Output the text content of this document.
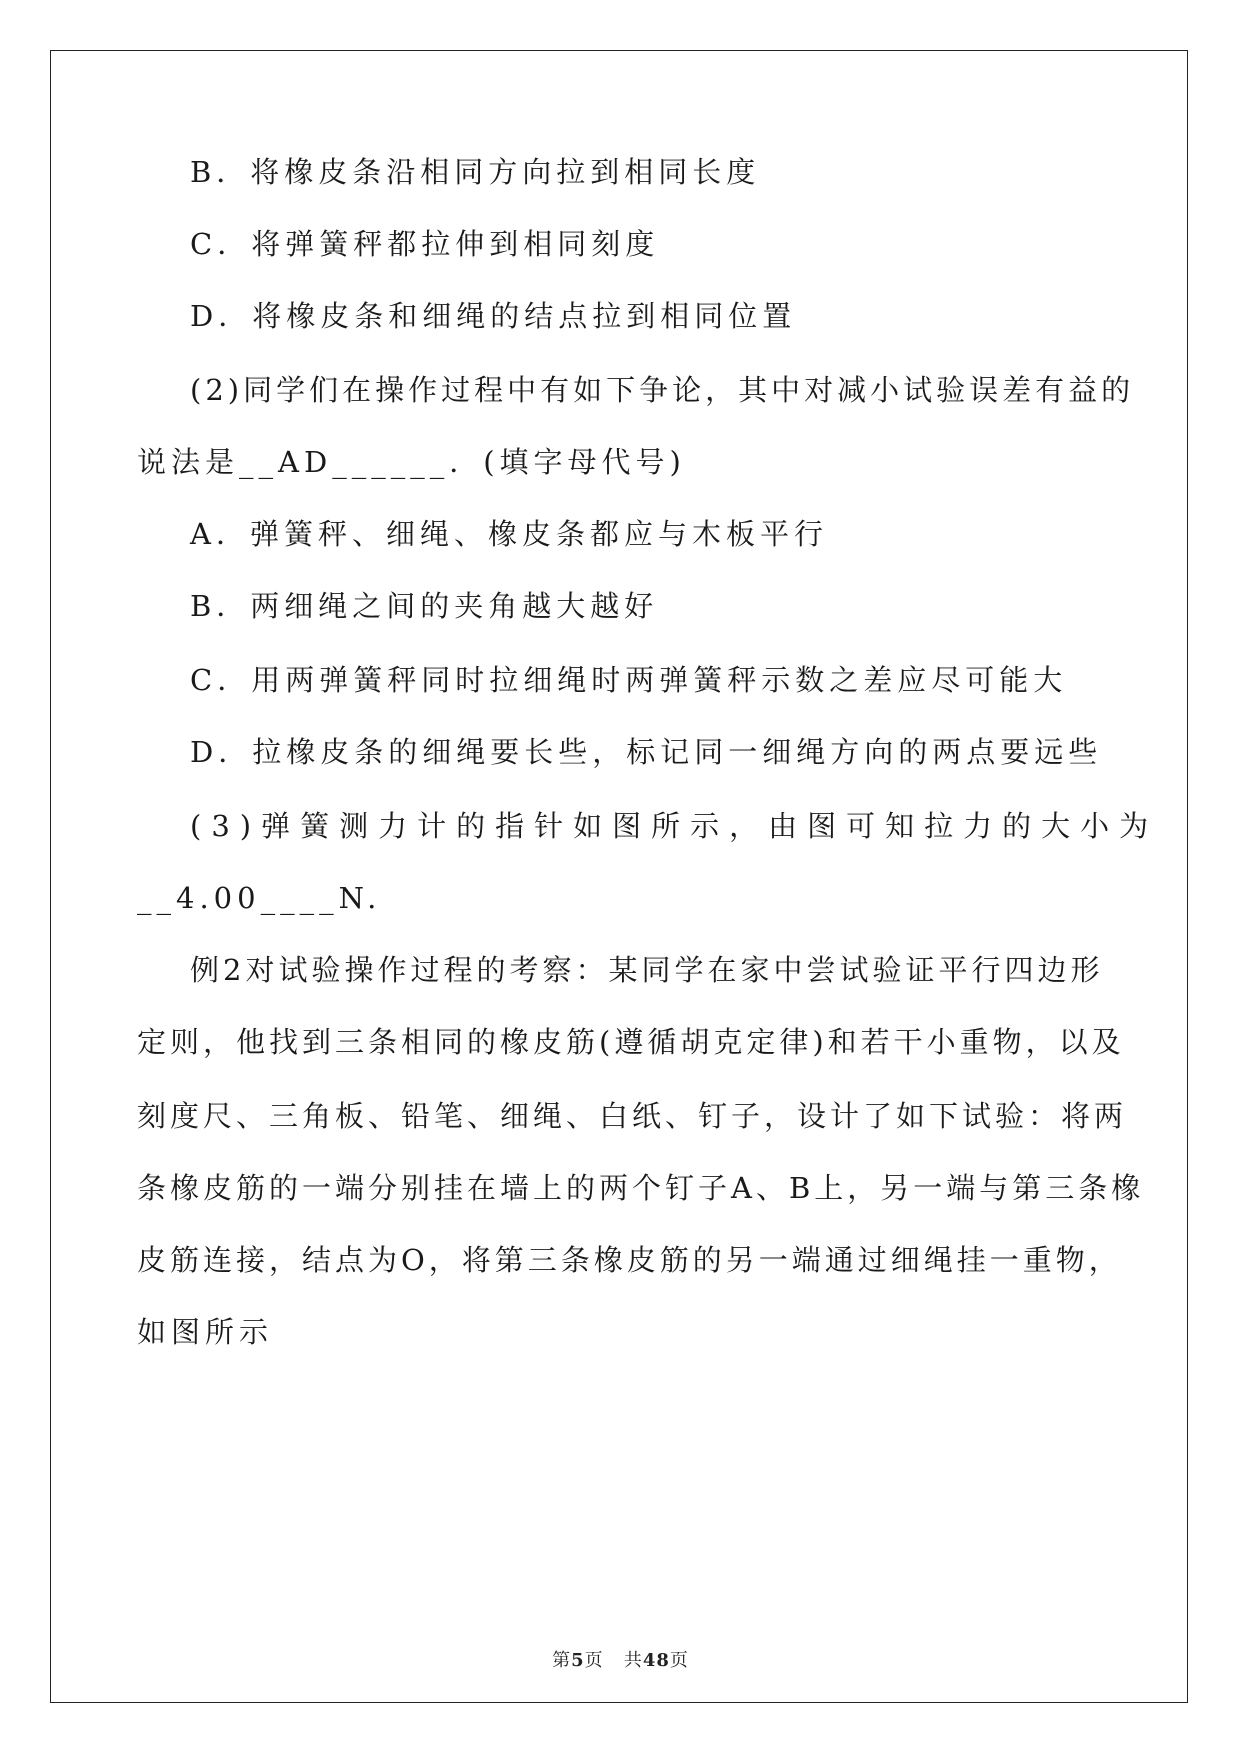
B．将橡皮条沿相同方向拉到相同长度
C．将弹簧秤都拉伸到相同刻度
D．将橡皮条和细绳的结点拉到相同位置
(2)同学们在操作过程中有如下争论，其中对减小试验误差有益的
说法是__AD______．(填字母代号)
A．弹簧秤、细绳、橡皮条都应与木板平行
B．两细绳之间的夹角越大越好
C．用两弹簧秤同时拉细绳时两弹簧秤示数之差应尽可能大
D．拉橡皮条的细绳要长些，标记同一细绳方向的两点要远些
(3)弹簧测力计的指针如图所示，由图可知拉力的大小为
__4.00____N.
例2对试验操作过程的考察：某同学在家中尝试验证平行四边形
定则，他找到三条相同的橡皮筋(遵循胡克定律)和若干小重物，以及
刻度尺、三角板、铅笔、细绳、白纸、钉子，设计了如下试验：将两
条橡皮筋的一端分别挂在墙上的两个钉子A、B上，另一端与第三条橡
皮筋连接，结点为O，将第三条橡皮筋的另一端通过细绳挂一重物，
如图所示
第5页 共48页
